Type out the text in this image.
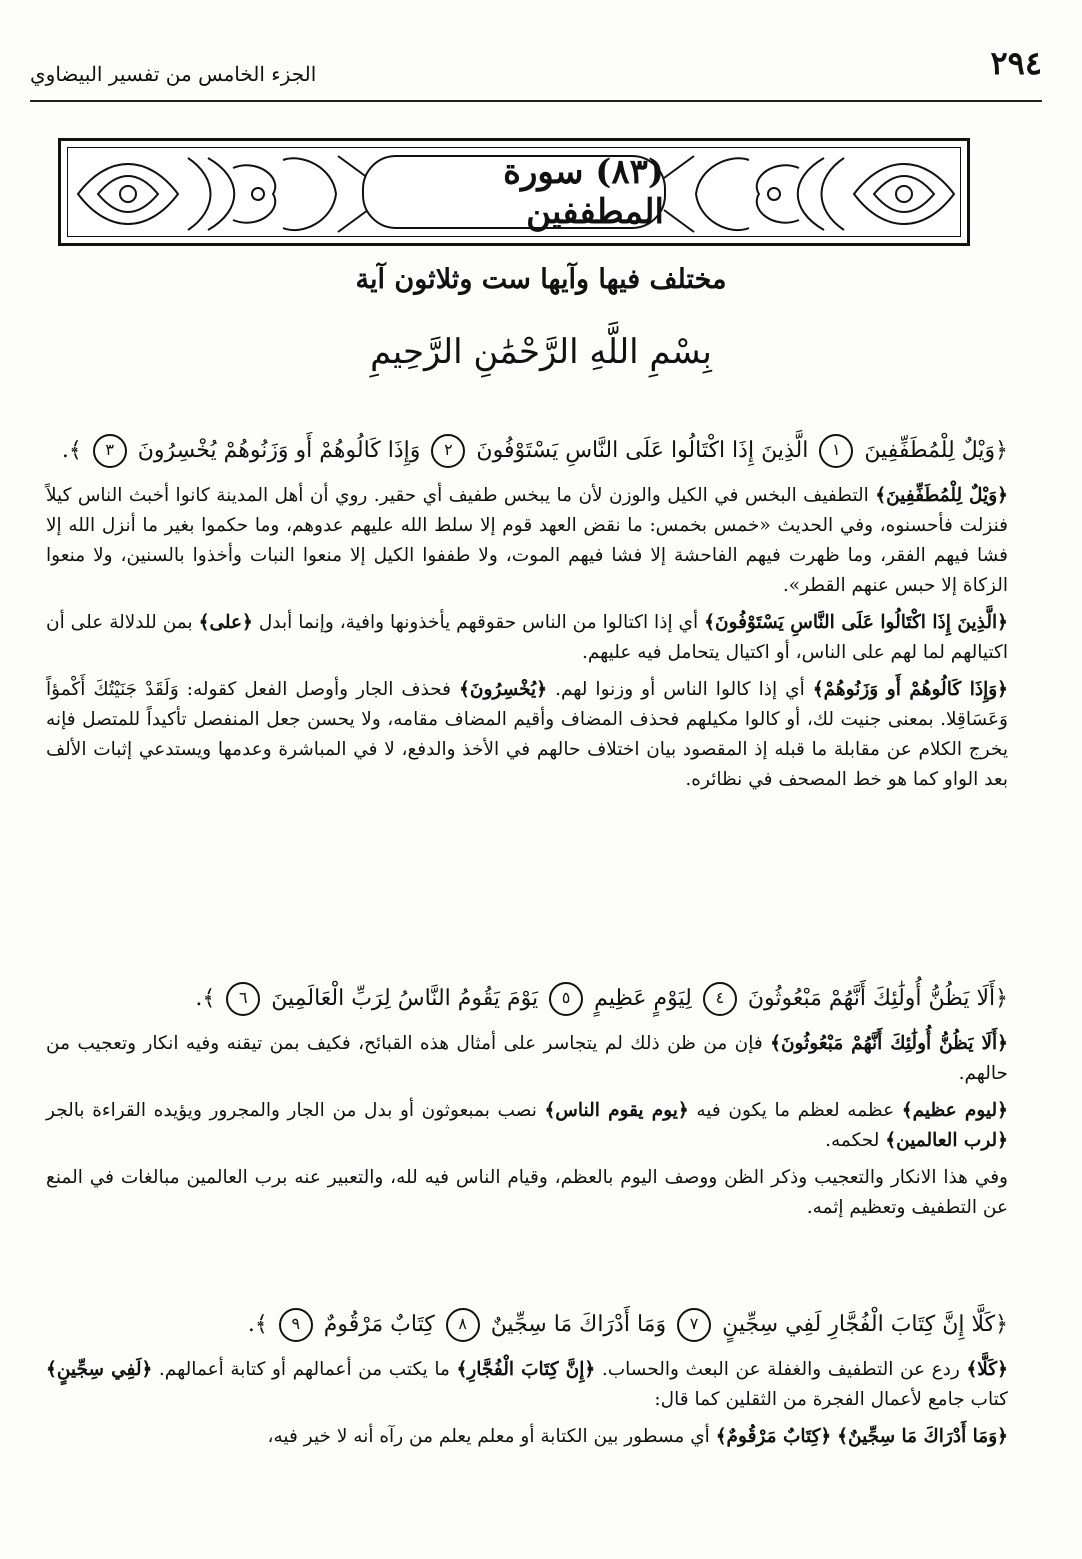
٢٩٤
الجزء الخامس من تفسير البيضاوي
(٨٣) سورة المطففين
مختلف فيها وآيها ست وثلاثون آية
بِسْمِ اللَّهِ الرَّحْمَٰنِ الرَّحِيمِ

﴿وَيْلٌ لِلْمُطَفِّفِينَ ١ الَّذِينَ إِذَا اكْتَالُوا عَلَى النَّاسِ يَسْتَوْفُونَ ٢ وَإِذَا كَالُوهُمْ أَو وَزَنُوهُمْ يُخْسِرُونَ ٣ ﴾.

﴿وَيْلٌ لِلْمُطَفِّفِينَ﴾ التطفيف البخس في الكيل والوزن لأن ما يبخس طفيف أي حقير. روي أن أهل المدينة كانوا أخبث الناس كيلاً فنزلت فأحسنوه، وفي الحديث «خمس بخمس: ما نقض العهد قوم إلا سلط الله عليهم عدوهم، وما حكموا بغير ما أنزل الله إلا فشا فيهم الفقر، وما ظهرت فيهم الفاحشة إلا فشا فيهم الموت، ولا طففوا الكيل إلا منعوا النبات وأخذوا بالسنين، ولا منعوا الزكاة إلا حبس عنهم القطر».

﴿الَّذِينَ إِذَا اكْتَالُوا عَلَى النَّاسِ يَسْتَوْفُونَ﴾ أي إذا اكتالوا من الناس حقوقهم يأخذونها وافية، وإنما أبدل ﴿على﴾ بمن للدلالة على أن اكتيالهم لما لهم على الناس، أو اكتيال يتحامل فيه عليهم.

﴿وَإِذَا كَالُوهُمْ أَو وَزَنُوهُمْ﴾ أي إذا كالوا الناس أو وزنوا لهم. ﴿يُخْسِرُونَ﴾ فحذف الجار وأوصل الفعل كقوله: وَلَقَدْ جَنَيْتُكَ أَكْمؤاً وَعَسَاقِلا. بمعنى جنيت لك، أو كالوا مكيلهم فحذف المضاف وأقيم المضاف مقامه، ولا يحسن جعل المنفصل تأكيداً للمتصل فإنه يخرج الكلام عن مقابلة ما قبله إذ المقصود بيان اختلاف حالهم في الأخذ والدفع، لا في المباشرة وعدمها ويستدعي إثبات الألف بعد الواو كما هو خط المصحف في نظائره.

﴿أَلَا يَظُنُّ أُولَٰئِكَ أَنَّهُمْ مَبْعُوثُونَ ٤ لِيَوْمٍ عَظِيمٍ ٥ يَوْمَ يَقُومُ النَّاسُ لِرَبِّ الْعَالَمِينَ ٦ ﴾.

﴿أَلَا يَظُنُّ أُولَٰئِكَ أَنَّهُمْ مَبْعُوثُونَ﴾ فإن من ظن ذلك لم يتجاسر على أمثال هذه القبائح، فكيف بمن تيقنه وفيه انكار وتعجيب من حالهم.

﴿ليوم عظيم﴾ عظمه لعظم ما يكون فيه ﴿يوم يقوم الناس﴾ نصب بمبعوثون أو بدل من الجار والمجرور ويؤيده القراءة بالجر ﴿لرب العالمين﴾ لحكمه.

وفي هذا الانكار والتعجيب وذكر الظن ووصف اليوم بالعظم، وقيام الناس فيه لله، والتعبير عنه برب العالمين مبالغات في المنع عن التطفيف وتعظيم إثمه.

﴿كَلَّا إِنَّ كِتَابَ الْفُجَّارِ لَفِي سِجِّينٍ ٧ وَمَا أَدْرَاكَ مَا سِجِّينٌ ٨ كِتَابٌ مَرْقُومٌ ٩ ﴾.

﴿كَلَّا﴾ ردع عن التطفيف والغفلة عن البعث والحساب. ﴿إِنَّ كِتَابَ الْفُجَّارِ﴾ ما يكتب من أعمالهم أو كتابة أعمالهم. ﴿لَفِي سِجِّينٍ﴾ كتاب جامع لأعمال الفجرة من الثقلين كما قال:

﴿وَمَا أَدْرَاكَ مَا سِجِّينٌ﴾ ﴿كِتَابٌ مَرْقُومٌ﴾ أي مسطور بين الكتابة أو معلم يعلم من رآه أنه لا خير فيه،
